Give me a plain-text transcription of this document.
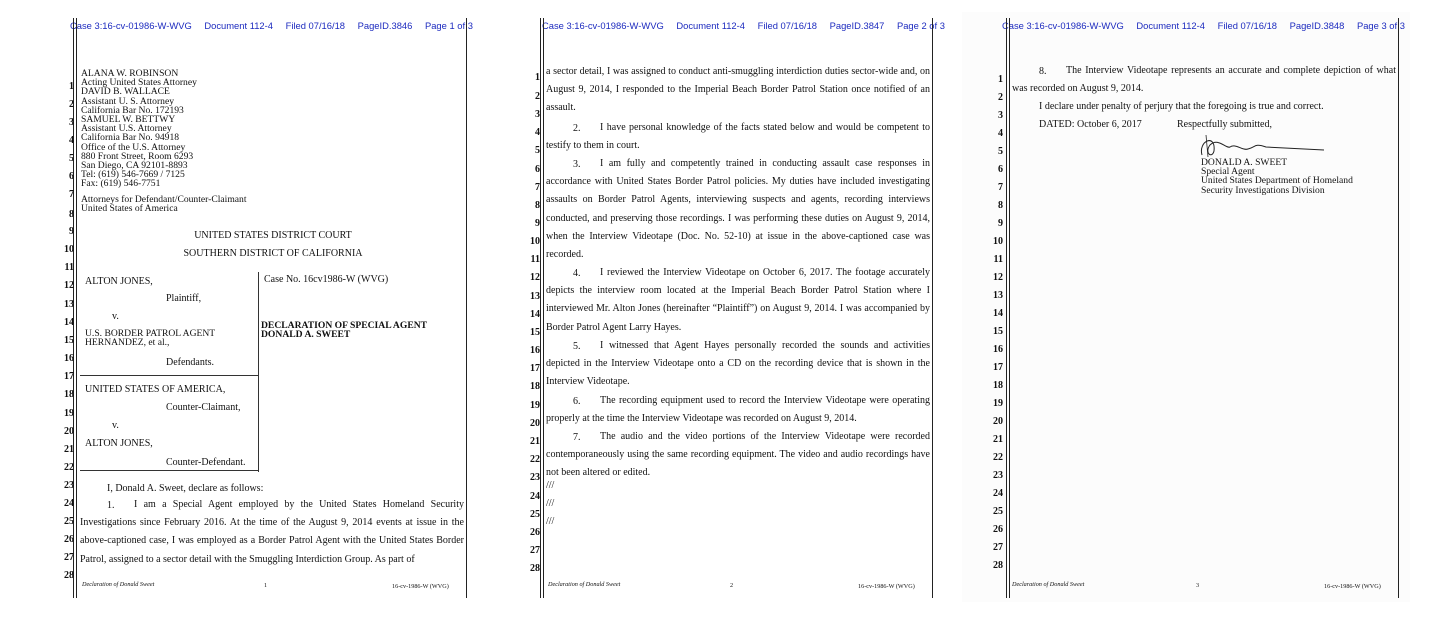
Case 3:16-cv-01986-W-WVG Document 112-4 Filed 07/16/18 PageID.3846 Page 1 of 3
1
2
3
4
5
6
7
8
9
10
11
12
13
14
15
16
17
18
19
20
21
22
23
24
25
26
27
28
ALANA W. ROBINSON
Acting United States Attorney
DAVID B. WALLACE
Assistant U. S. Attorney
California Bar No. 172193
SAMUEL W. BETTWY
Assistant U.S. Attorney
California Bar No. 94918
Office of the U.S. Attorney
880 Front Street, Room 6293
San Diego, CA 92101-8893
Tel: (619) 546-7669 / 7125
Fax: (619) 546-7751
Attorneys for Defendant/Counter-Claimant
United States of America
UNITED STATES DISTRICT COURT
SOUTHERN DISTRICT OF CALIFORNIA
ALTON JONES,
Plaintiff,
v.
U.S. BORDER PATROL AGENT
HERNANDEZ, et al.,
Defendants.
UNITED STATES OF AMERICA,
Counter-Claimant,
v.
ALTON JONES,
Counter-Defendant.
Case No. 16cv1986-W (WVG)
DECLARATION OF SPECIAL AGENT
DONALD A. SWEET
I, Donald A. Sweet, declare as follows:
1.	I am a Special Agent employed by the United States Homeland Security Investigations since February 2016. At the time of the August 9, 2014 events at issue in the above-captioned case, I was employed as a Border Patrol Agent with the United States Border Patrol, assigned to a sector detail with the Smuggling Interdiction Group. As part of
Declaration of Donald Sweet	1	16-cv-1986-W (WVG)
Case 3:16-cv-01986-W-WVG Document 112-4 Filed 07/16/18 PageID.3847 Page 2 of 3
1
2
3
4
5
6
7
8
9
10
11
12
13
14
15
16
17
18
19
20
21
22
23
24
25
26
27
28
a sector detail, I was assigned to conduct anti-smuggling interdiction duties sector-wide and, on August 9, 2014, I responded to the Imperial Beach Border Patrol Station once notified of an assault.
2.	I have personal knowledge of the facts stated below and would be competent to testify to them in court.
3.	I am fully and competently trained in conducting assault case responses in accordance with United States Border Patrol policies. My duties have included investigating assaults on Border Patrol Agents, interviewing suspects and agents, recording interviews conducted, and preserving those recordings. I was performing these duties on August 9, 2014, when the Interview Videotape (Doc. No. 52-10) at issue in the above-captioned case was recorded.
4.	I reviewed the Interview Videotape on October 6, 2017. The footage accurately depicts the interview room located at the Imperial Beach Border Patrol Station where I interviewed Mr. Alton Jones (hereinafter “Plaintiff”) on August 9, 2014. I was accompanied by Border Patrol Agent Larry Hayes.
5.	I witnessed that Agent Hayes personally recorded the sounds and activities depicted in the Interview Videotape onto a CD on the recording device that is shown in the Interview Videotape.
6.	The recording equipment used to record the Interview Videotape were operating properly at the time the Interview Videotape was recorded on August 9, 2014.
7.	The audio and the video portions of the Interview Videotape were recorded contemporaneously using the same recording equipment. The video and audio recordings have not been altered or edited.
///
///
///
Declaration of Donald Sweet	2	16-cv-1986-W (WVG)
Case 3:16-cv-01986-W-WVG Document 112-4 Filed 07/16/18 PageID.3848 Page 3 of 3
1
2
3
4
5
6
7
8
9
10
11
12
13
14
15
16
17
18
19
20
21
22
23
24
25
26
27
28
8.	The Interview Videotape represents an accurate and complete depiction of what was recorded on August 9, 2014.
I declare under penalty of perjury that the foregoing is true and correct.
DATED: October 6, 2017	Respectfully submitted,
DONALD A. SWEET
Special Agent
United States Department of Homeland
Security Investigations Division
Declaration of Donald Sweet	3	16-cv-1986-W (WVG)
